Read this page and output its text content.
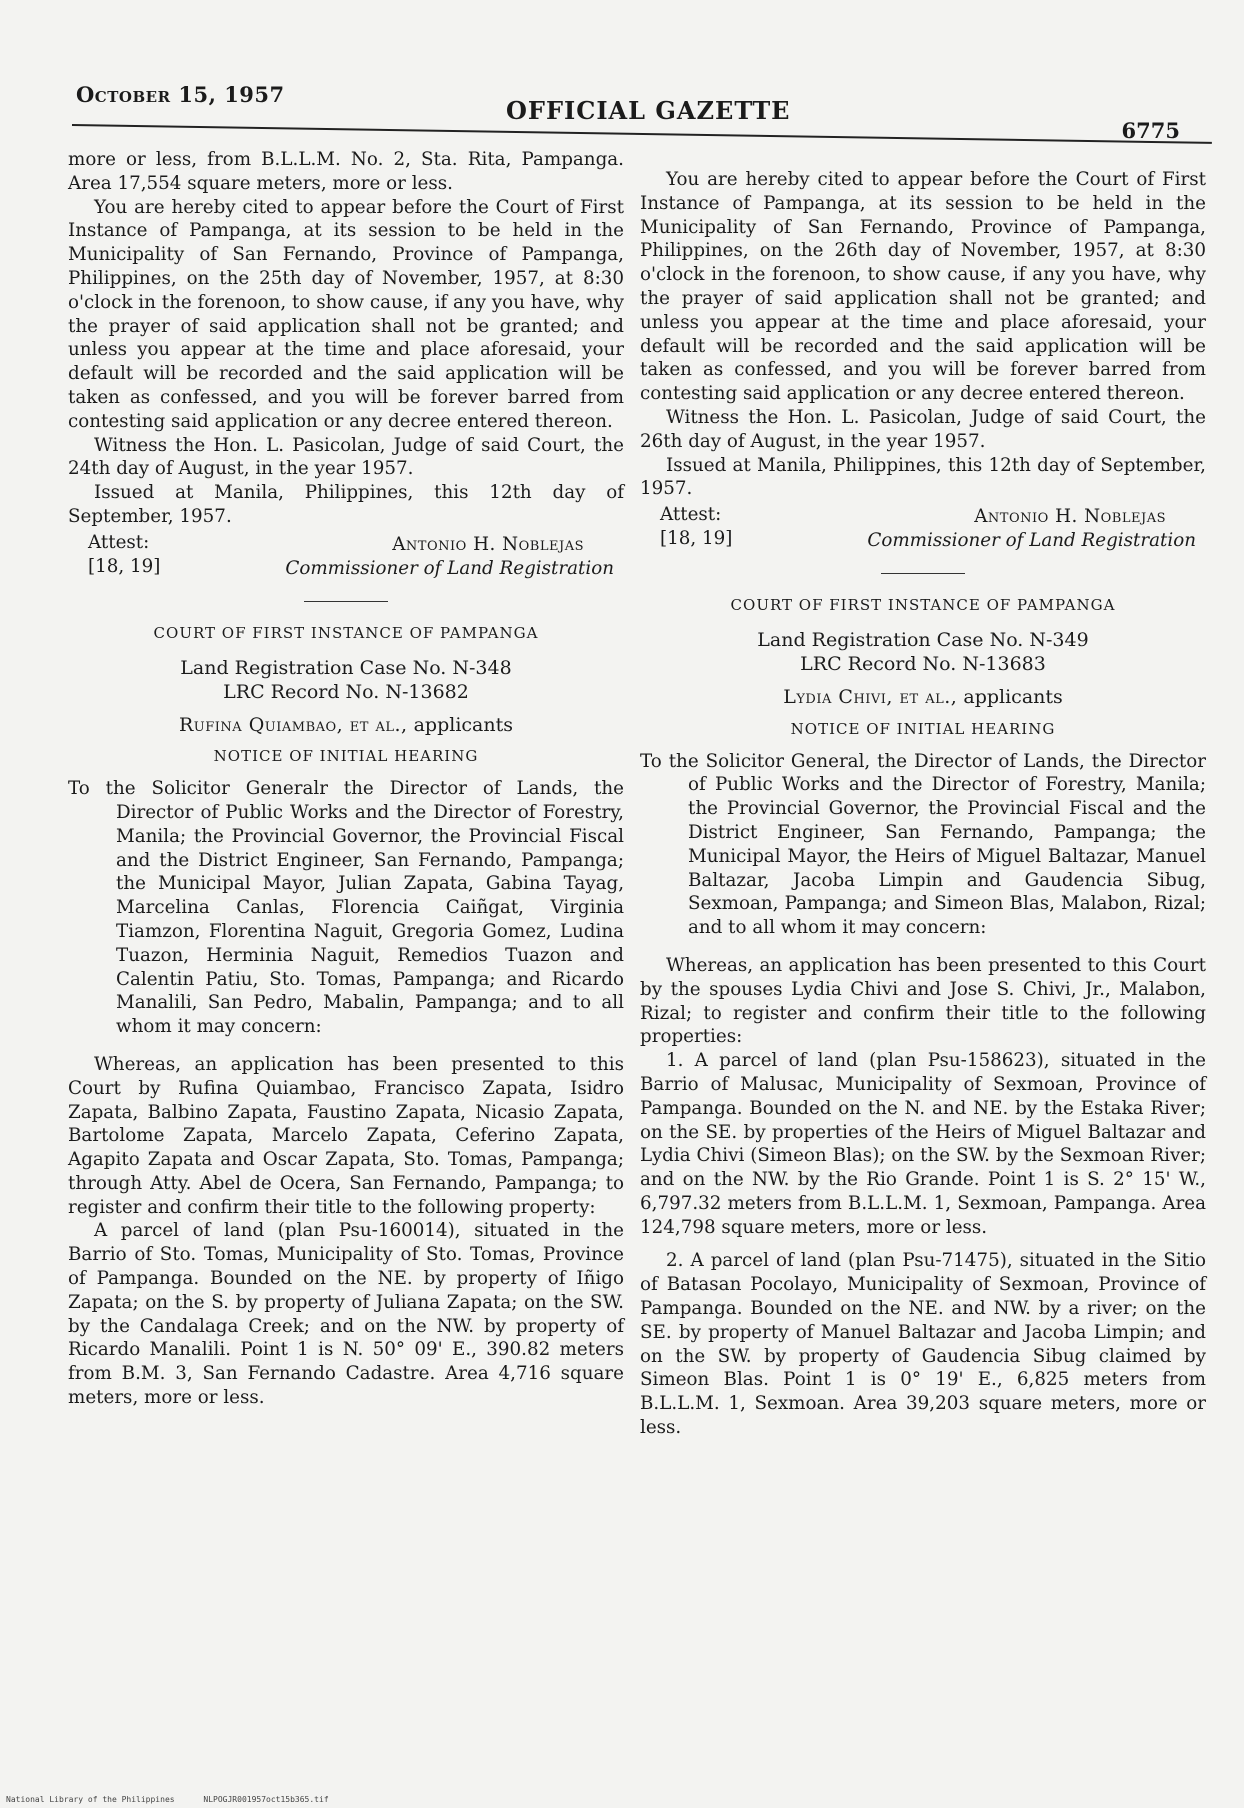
October 15, 1957
OFFICIAL GAZETTE
6775

more or less, from B.L.L.M. No. 2, Sta. Rita, Pampanga. Area 17,554 square meters, more or less.

You are hereby cited to appear before the Court of First Instance of Pampanga, at its session to be held in the Municipality of San Fernando, Province of Pampanga, Philippines, on the 25th day of November, 1957, at 8:30 o'clock in the forenoon, to show cause, if any you have, why the prayer of said application shall not be granted; and unless you appear at the time and place aforesaid, your default will be recorded and the said application will be taken as confessed, and you will be forever barred from contesting said application or any decree entered thereon.

Witness the Hon. L. Pasicolan, Judge of said Court, the 24th day of August, in the year 1957.

Issued at Manila, Philippines, this 12th day of September, 1957.

Attest:
[18, 19]
Antonio H. Noblejas
Commissioner of Land Registration
COURT OF FIRST INSTANCE OF PAMPANGA
Land Registration Case No. N-348
LRC Record No. N-13682
Rufina Quiambao, et al., applicants
NOTICE OF INITIAL HEARING

To the Solicitor Generalr the Director of Lands, the Director of Public Works and the Director of Forestry, Manila; the Provincial Governor, the Provincial Fiscal and the District Engineer, San Fernando, Pampanga; the Municipal Mayor, Julian Zapata, Gabina Tayag, Marcelina Canlas, Florencia Caiñgat, Virginia Tiamzon, Florentina Naguit, Gregoria Gomez, Ludina Tuazon, Herminia Naguit, Remedios Tuazon and Calentin Patiu, Sto. Tomas, Pampanga; and Ricardo Manalili, San Pedro, Mabalin, Pampanga; and to all whom it may concern:

Whereas, an application has been presented to this Court by Rufina Quiambao, Francisco Zapata, Isidro Zapata, Balbino Zapata, Faustino Zapata, Nicasio Zapata, Bartolome Zapata, Marcelo Zapata, Ceferino Zapata, Agapito Zapata and Oscar Zapata, Sto. Tomas, Pampanga; through Atty. Abel de Ocera, San Fernando, Pampanga; to register and confirm their title to the following property:

A parcel of land (plan Psu-160014), situated in the Barrio of Sto. Tomas, Municipality of Sto. Tomas, Province of Pampanga. Bounded on the NE. by property of Iñigo Zapata; on the S. by property of Juliana Zapata; on the SW. by the Candalaga Creek; and on the NW. by property of Ricardo Manalili. Point 1 is N. 50° 09' E., 390.82 meters from B.M. 3, San Fernando Cadastre. Area 4,716 square meters, more or less.

You are hereby cited to appear before the Court of First Instance of Pampanga, at its session to be held in the Municipality of San Fernando, Province of Pampanga, Philippines, on the 26th day of November, 1957, at 8:30 o'clock in the forenoon, to show cause, if any you have, why the prayer of said application shall not be granted; and unless you appear at the time and place aforesaid, your default will be recorded and the said application will be taken as confessed, and you will be forever barred from contesting said application or any decree entered thereon.

Witness the Hon. L. Pasicolan, Judge of said Court, the 26th day of August, in the year 1957.

Issued at Manila, Philippines, this 12th day of September, 1957.

Attest:
[18, 19]
Antonio H. Noblejas
Commissioner of Land Registration
COURT OF FIRST INSTANCE OF PAMPANGA
Land Registration Case No. N-349
LRC Record No. N-13683
Lydia Chivi, et al., applicants
NOTICE OF INITIAL HEARING

To the Solicitor General, the Director of Lands, the Director of Public Works and the Director of Forestry, Manila; the Provincial Governor, the Provincial Fiscal and the District Engineer, San Fernando, Pampanga; the Municipal Mayor, the Heirs of Miguel Baltazar, Manuel Baltazar, Jacoba Limpin and Gaudencia Sibug, Sexmoan, Pampanga; and Simeon Blas, Malabon, Rizal; and to all whom it may concern:

Whereas, an application has been presented to this Court by the spouses Lydia Chivi and Jose S. Chivi, Jr., Malabon, Rizal; to register and confirm their title to the following properties:

1. A parcel of land (plan Psu-158623), situated in the Barrio of Malusac, Municipality of Sexmoan, Province of Pampanga. Bounded on the N. and NE. by the Estaka River; on the SE. by properties of the Heirs of Miguel Baltazar and Lydia Chivi (Simeon Blas); on the SW. by the Sexmoan River; and on the NW. by the Rio Grande. Point 1 is S. 2° 15' W., 6,797.32 meters from B.L.L.M. 1, Sexmoan, Pampanga. Area 124,798 square meters, more or less.

2. A parcel of land (plan Psu-71475), situated in the Sitio of Batasan Pocolayo, Municipality of Sexmoan, Province of Pampanga. Bounded on the NE. and NW. by a river; on the SE. by property of Manuel Baltazar and Jacoba Limpin; and on the SW. by property of Gaudencia Sibug claimed by Simeon Blas. Point 1 is 0° 19' E., 6,825 meters from B.L.L.M. 1, Sexmoan. Area 39,203 square meters, more or less.

National Library of the Philippines	NLPOGJR001957oct15b365.tif
